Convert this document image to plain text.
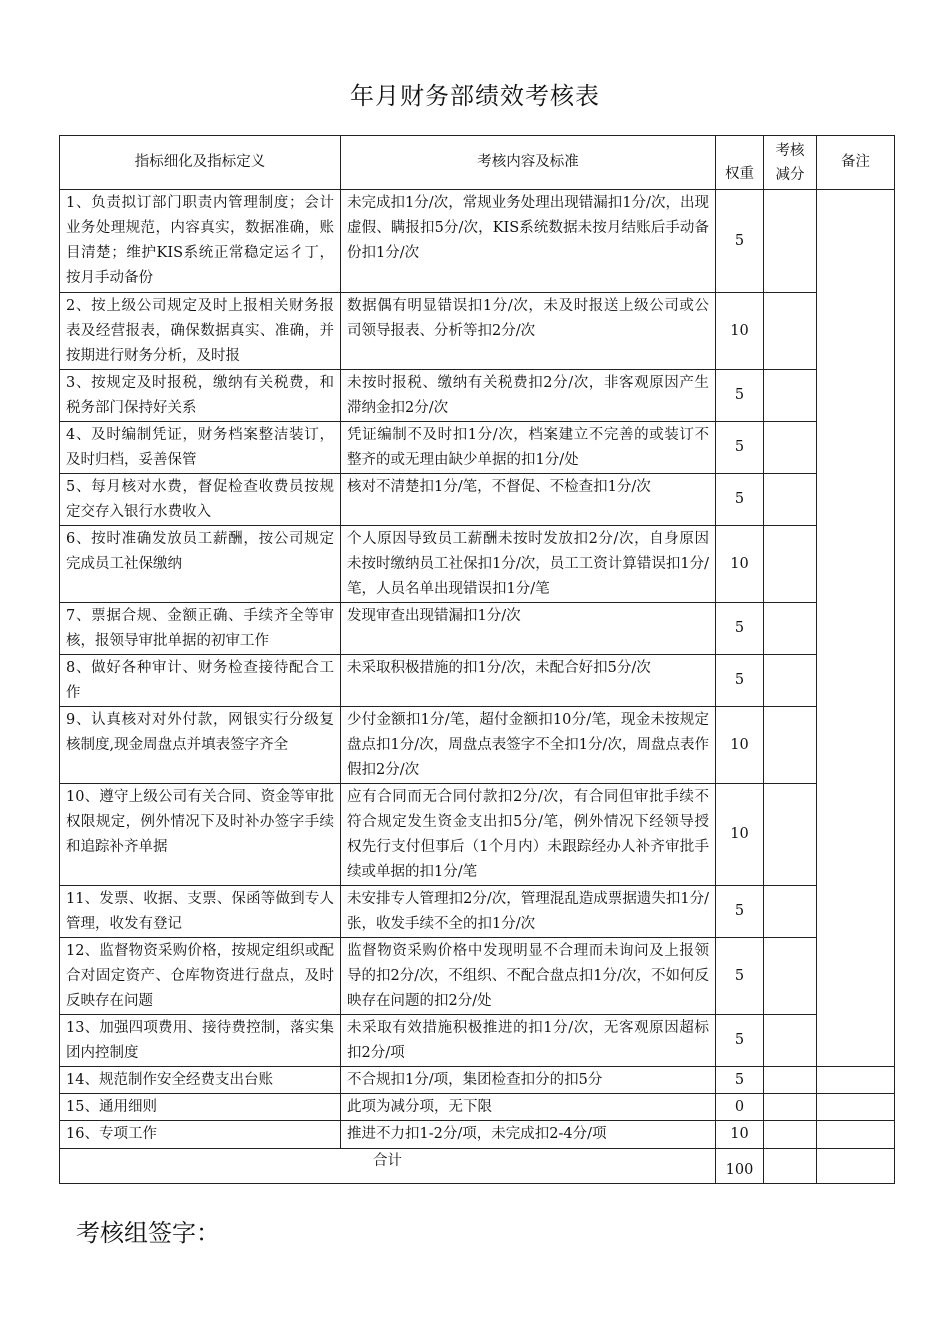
年月财务部绩效考核表
指标细化及指标定义	考核内容及标准	权重	考核减分	备注
1、负责拟订部门职责内管理制度；会计业务处理规范，内容真实，数据准确，账目清楚；维护KIS系统正常稳定运彳丁，按月手动备份	未完成扣1分/次，常规业务处理出现错漏扣1分/次，出现虚假、瞒报扣5分/次，KIS系统数据未按月结账后手动备份扣1分/次	5		
2、按上级公司规定及时上报相关财务报表及经营报表，确保数据真实、准确，并按期进行财务分析，及时报	数据偶有明显错误扣1分/次，未及时报送上级公司或公司领导报表、分析等扣2分/次	10		
3、按规定及时报税，缴纳有关税费，和税务部门保持好关系	未按时报税、缴纳有关税费扣2分/次，非客观原因产生滞纳金扣2分/次	5		
4、及时编制凭证，财务档案整洁装订，及时归档，妥善保管	凭证编制不及时扣1分/次，档案建立不完善的或装订不整齐的或无理由缺少单据的扣1分/处	5		
5、每月核对水费，督促检查收费员按规定交存入银行水费收入	核对不清楚扣1分/笔，不督促、不检查扣1分/次	5		
6、按时准确发放员工薪酬，按公司规定完成员工社保缴纳	个人原因导致员工薪酬未按时发放扣2分/次，自身原因未按时缴纳员工社保扣1分/次，员工工资计算错误扣1分/笔，人员名单出现错误扣1分/笔	10		
7、票据合规、金额正确、手续齐全等审核，报领导审批单据的初审工作	发现审查出现错漏扣1分/次	5		
8、做好各种审计、财务检查接待配合工作	未采取积极措施的扣1分/次，未配合好扣5分/次	5		
9、认真核对对外付款，网银实行分级复核制度,现金周盘点并填表签字齐全	少付金额扣1分/笔，超付金额扣10分/笔，现金未按规定盘点扣1分/次，周盘点表签字不全扣1分/次，周盘点表作假扣2分/次	10		
10、遵守上级公司有关合同、资金等审批权限规定，例外情况下及时补办签字手续和追踪补齐单据	应有合同而无合同付款扣2分/次，有合同但审批手续不符合规定发生资金支出扣5分/笔，例外情况下经领导授权先行支付但事后（1个月内）未跟踪经办人补齐审批手续或单据的扣1分/笔	10		
11、发票、收据、支票、保函等做到专人管理，收发有登记	未安排专人管理扣2分/次，管理混乱造成票据遗失扣1分/张，收发手续不全的扣1分/次	5		
12、监督物资采购价格，按规定组织或配合对固定资产、仓库物资进行盘点，及时反映存在问题	监督物资采购价格中发现明显不合理而未询问及上报领导的扣2分/次，不组织、不配合盘点扣1分/次，不如何反映存在问题的扣2分/处	5		
13、加强四项费用、接待费控制，落实集团内控制度	未采取有效措施积极推进的扣1分/次，无客观原因超标扣2分/项	5		
14、规范制作安全经费支出台账	不合规扣1分/项，集团检查扣分的扣5分	5		
15、通用细则	此项为减分项，无下限	0		
16、专项工作	推进不力扣1-2分/项，未完成扣2-4分/项	10		
合计		100		
考核组签字：
